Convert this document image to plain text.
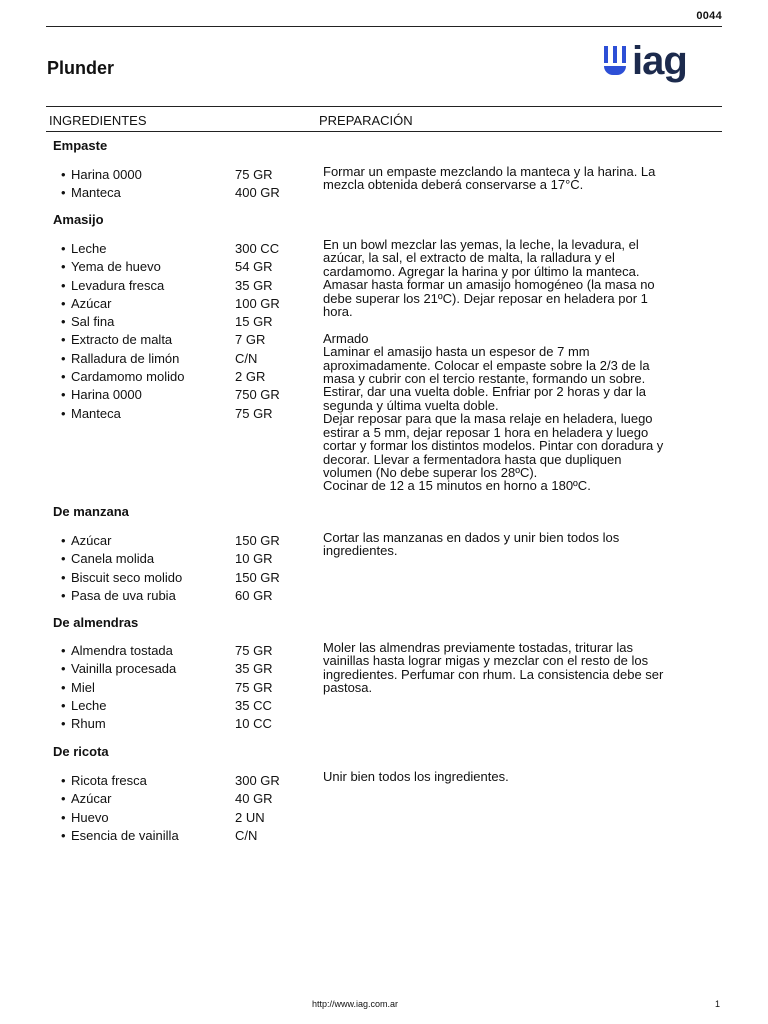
0044
Plunder	iag
INGREDIENTES	PREPARACIÓN
Empaste
• Harina 0000	75 GR
• Manteca	400 GR
Formar un empaste mezclando la manteca y la harina. La
mezcla obtenida deberá conservarse a 17°C.
Amasijo
• Leche	300 CC
• Yema de huevo	54 GR
• Levadura fresca	35 GR
• Azúcar	100 GR
• Sal fina	15 GR
• Extracto de malta	7 GR
• Ralladura de limón	C/N
• Cardamomo molido	2 GR
• Harina 0000	750 GR
• Manteca	75 GR
En un bowl mezclar las yemas, la leche, la levadura, el
azúcar, la sal, el extracto de malta, la ralladura y el
cardamomo. Agregar la harina y por último la manteca.
Amasar hasta formar un amasijo homogéneo (la masa no
debe superar los 21ºC). Dejar reposar en heladera por 1
hora.

Armado
Laminar el amasijo hasta un espesor de 7 mm
aproximadamente. Colocar el empaste sobre la 2/3 de la
masa y cubrir con el tercio restante, formando un sobre.
Estirar, dar una vuelta doble. Enfriar por 2 horas y dar la
segunda y última vuelta doble.
Dejar reposar para que la masa relaje en heladera, luego
estirar a 5 mm, dejar reposar 1 hora en heladera y luego
cortar y formar los distintos modelos. Pintar con doradura y
decorar. Llevar a fermentadora hasta que dupliquen
volumen (No debe superar los 28ºC).
Cocinar de 12 a 15 minutos en horno a 180ºC.
De manzana
• Azúcar	150 GR
• Canela molida	10 GR
• Biscuit seco molido	150 GR
• Pasa de uva rubia	60 GR
Cortar las manzanas en dados y unir bien todos los
ingredientes.
De almendras
• Almendra tostada	75 GR
• Vainilla procesada	35 GR
• Miel	75 GR
• Leche	35 CC
• Rhum	10 CC
Moler las almendras previamente tostadas, triturar las
vainillas hasta lograr migas y mezclar con el resto de los
ingredientes. Perfumar con rhum. La consistencia debe ser
pastosa.
De ricota
• Ricota fresca	300 GR
• Azúcar	40 GR
• Huevo	2 UN
• Esencia de vainilla	C/N
Unir bien todos los ingredientes.
http://www.iag.com.ar	1
